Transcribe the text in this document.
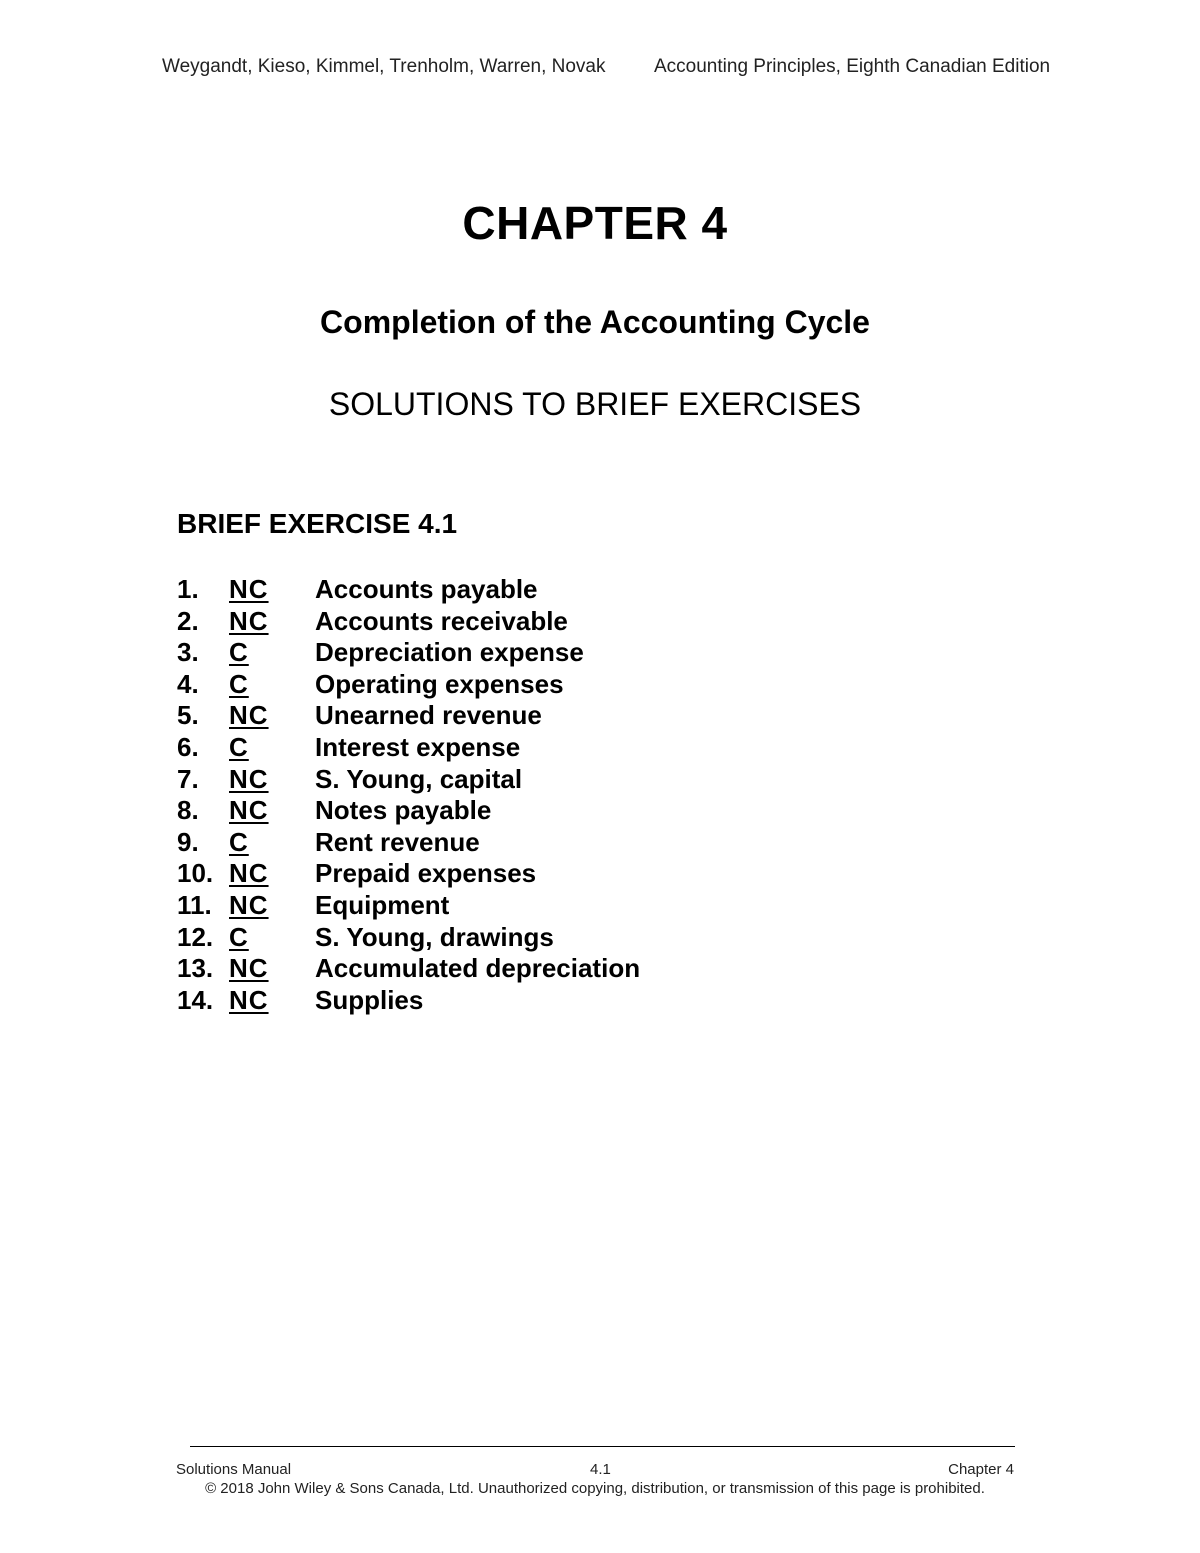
Weygandt, Kieso, Kimmel, Trenholm, Warren, Novak	Accounting Principles, Eighth Canadian Edition
CHAPTER 4
Completion of the Accounting Cycle
SOLUTIONS TO BRIEF EXERCISES
BRIEF EXERCISE 4.1
1. NC Accounts payable
2. NC Accounts receivable
3. C	Depreciation expense
4. C	Operating expenses
5. NC Unearned revenue
6. C	Interest expense
7. NC S. Young, capital
8. NC Notes payable
9. C	Rent revenue
10. NC Prepaid expenses
11. NC Equipment
12. C	S. Young, drawings
13. NC Accumulated depreciation
14. NC Supplies
Solutions Manual	4.1	Chapter 4
© 2018 John Wiley & Sons Canada, Ltd. Unauthorized copying, distribution, or transmission of this page is prohibited.
